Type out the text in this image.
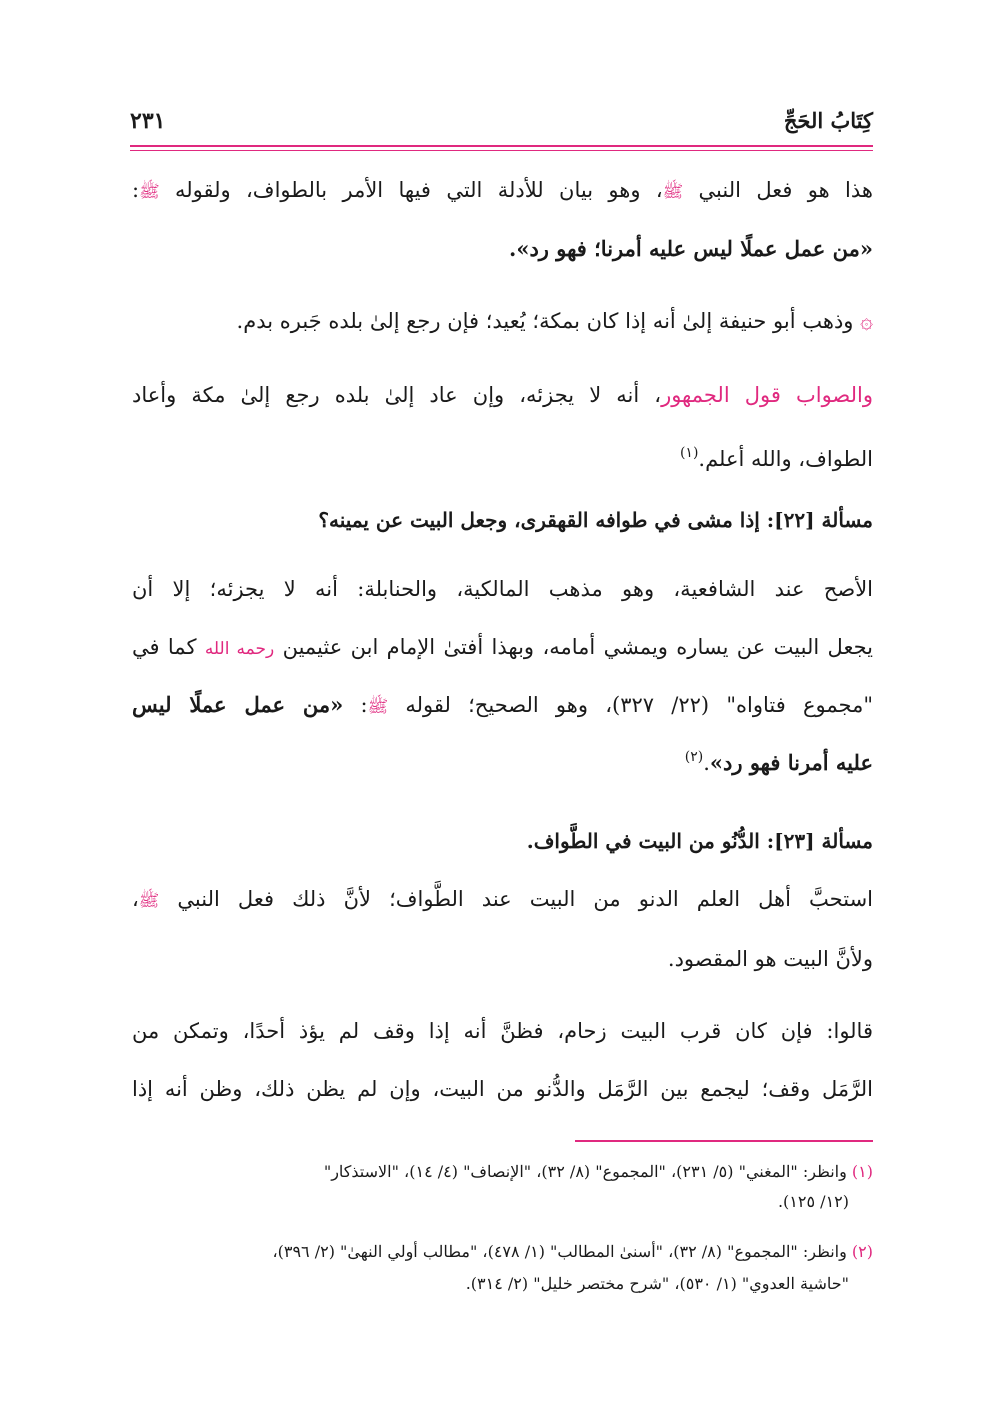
كِتَابُ الحَجِّ
٢٣١
هذا هو فعل النبي ﷺ، وهو بيان للأدلة التي فيها الأمر بالطواف، ولقوله ﷺ:
«من عمل عملًا ليس عليه أمرنا؛ فهو رد».
۞ وذهب أبو حنيفة إلىٰ أنه إذا كان بمكة؛ يُعيد؛ فإن رجع إلىٰ بلده جَبره بدم.
والصواب قول الجمهور، أنه لا يجزئه، وإن عاد إلىٰ بلده رجع إلىٰ مكة وأعاد
الطواف، والله أعلم.$^{(١)}$
مسألة [٢٢]: إذا مشى في طوافه القهقرى، وجعل البيت عن يمينه؟
الأصح عند الشافعية، وهو مذهب المالكية، والحنابلة: أنه لا يجزئه؛ إلا أن
يجعل البيت عن يساره ويمشي أمامه، وبهذا أفتىٰ الإمام ابن عثيمين رحمه الله كما في
"مجموع فتاواه" (٢٢/ ٣٢٧)، وهو الصحيح؛ لقوله ﷺ: «من عمل عملًا ليس
عليه أمرنا فهو رد».$^{(٢)}$
مسألة [٢٣]: الدُّنُو من البيت في الطَّواف.
استحبَّ أهل العلم الدنو من البيت عند الطَّواف؛ لأنَّ ذلك فعل النبي ﷺ،
ولأنَّ البيت هو المقصود.
قالوا: فإن كان قرب البيت زحام، فظنَّ أنه إذا وقف لم يؤذ أحدًا، وتمكن من
الرَّمَل وقف؛ ليجمع بين الرَّمَل والدُّنو من البيت، وإن لم يظن ذلك، وظن أنه إذا
(١) وانظر: "المغني" (٥/ ٢٣١)، "المجموع" (٨/ ٣٢)، "الإنصاف" (٤/ ١٤)، "الاستذكار"
(١٢/ ١٢٥).
(٢) وانظر: "المجموع" (٨/ ٣٢)، "أسنىٰ المطالب" (١/ ٤٧٨)، "مطالب أولي النهىٰ" (٢/ ٣٩٦)،
"حاشية العدوي" (١/ ٥٣٠)، "شرح مختصر خليل" (٢/ ٣١٤).
